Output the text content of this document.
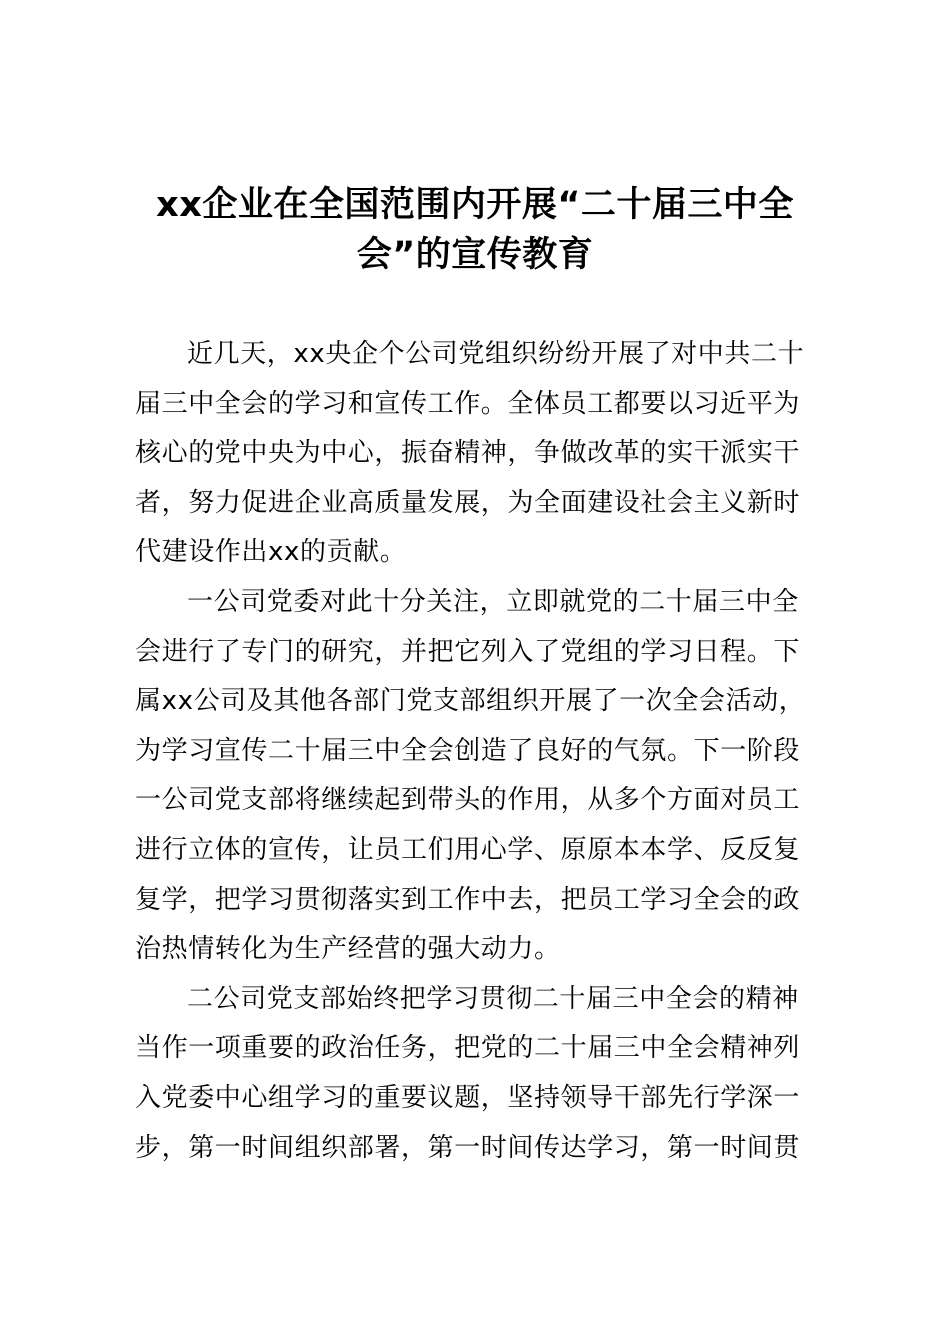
xx企业在全国范围内开展“二十届三中全
会”的宣传教育
近几天，xx央企个公司党组织纷纷开展了对中共二十
届三中全会的学习和宣传工作。全体员工都要以习近平为
核心的党中央为中心，振奋精神，争做改革的实干派实干
者，努力促进企业高质量发展，为全面建设社会主义新时
代建设作出xx的贡献。
一公司党委对此十分关注，立即就党的二十届三中全
会进行了专门的研究，并把它列入了党组的学习日程。下
属xx公司及其他各部门党支部组织开展了一次全会活动，
为学习宣传二十届三中全会创造了良好的气氛。下一阶段
一公司党支部将继续起到带头的作用，从多个方面对员工
进行立体的宣传，让员工们用心学、原原本本学、反反复
复学，把学习贯彻落实到工作中去，把员工学习全会的政
治热情转化为生产经营的强大动力。
二公司党支部始终把学习贯彻二十届三中全会的精神
当作一项重要的政治任务，把党的二十届三中全会精神列
入党委中心组学习的重要议题，坚持领导干部先行学深一
步，第一时间组织部署，第一时间传达学习，第一时间贯
